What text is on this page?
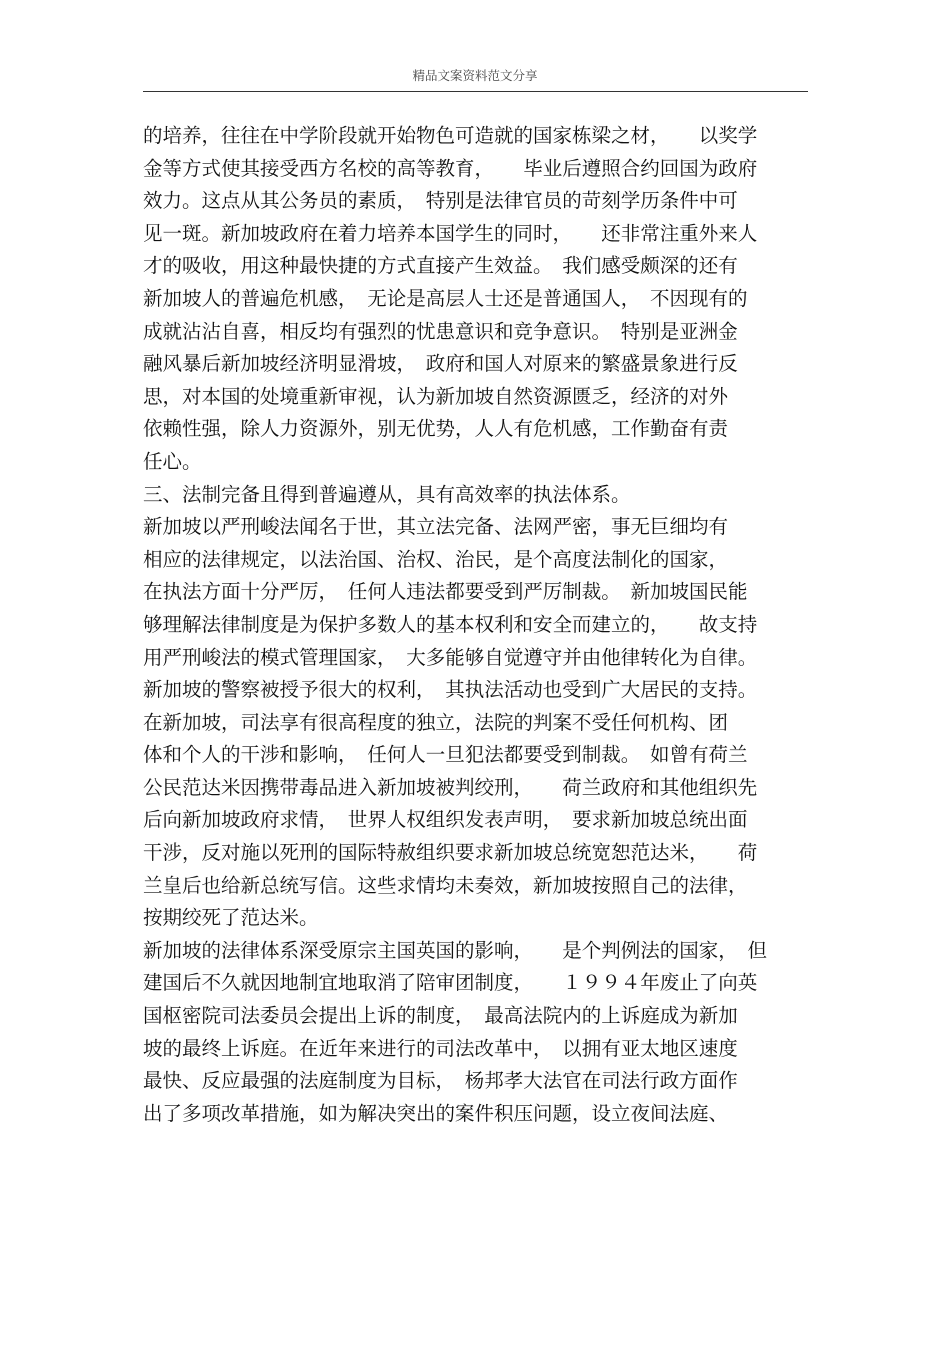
精品文案资料范文分享
的培养，往往在中学阶段就开始物色可造就的国家栋梁之材，　　以奖学
金等方式使其接受西方名校的高等教育，　　毕业后遵照合约回国为政府
效力。这点从其公务员的素质，　特别是法律官员的苛刻学历条件中可
见一斑。新加坡政府在着力培养本国学生的同时，　　还非常注重外来人
才的吸收，用这种最快捷的方式直接产生效益。　我们感受颇深的还有
新加坡人的普遍危机感，　无论是高层人士还是普通国人，　不因现有的
成就沾沾自喜，相反均有强烈的忧患意识和竞争意识。　特别是亚洲金
融风暴后新加坡经济明显滑坡，　政府和国人对原来的繁盛景象进行反
思，对本国的处境重新审视，认为新加坡自然资源匮乏，经济的对外
依赖性强，除人力资源外，别无优势，人人有危机感，工作勤奋有责
任心。
三、法制完备且得到普遍遵从，具有高效率的执法体系。
新加坡以严刑峻法闻名于世，其立法完备、法网严密，事无巨细均有
相应的法律规定，以法治国、治权、治民，是个高度法制化的国家，
在执法方面十分严厉，　任何人违法都要受到严厉制裁。　新加坡国民能
够理解法律制度是为保护多数人的基本权利和安全而建立的，　　故支持
用严刑峻法的模式管理国家，　大多能够自觉遵守并由他律转化为自律。
新加坡的警察被授予很大的权利，　其执法活动也受到广大居民的支持。
在新加坡，司法享有很高程度的独立，法院的判案不受任何机构、团
体和个人的干涉和影响，　任何人一旦犯法都要受到制裁。　如曾有荷兰
公民范达米因携带毒品进入新加坡被判绞刑，　　荷兰政府和其他组织先
后向新加坡政府求情，　世界人权组织发表声明，　要求新加坡总统出面
干涉，反对施以死刑的国际特赦组织要求新加坡总统宽恕范达米，　　荷
兰皇后也给新总统写信。这些求情均未奏效，新加坡按照自己的法律，
按期绞死了范达米。
新加坡的法律体系深受原宗主国英国的影响，　　是个判例法的国家，　但
建国后不久就因地制宜地取消了陪审团制度，　　１９９４年废止了向英
国枢密院司法委员会提出上诉的制度，　最高法院内的上诉庭成为新加
坡的最终上诉庭。在近年来进行的司法改革中，　以拥有亚太地区速度
最快、反应最强的法庭制度为目标，　杨邦孝大法官在司法行政方面作
出了多项改革措施，如为解决突出的案件积压问题，设立夜间法庭、
